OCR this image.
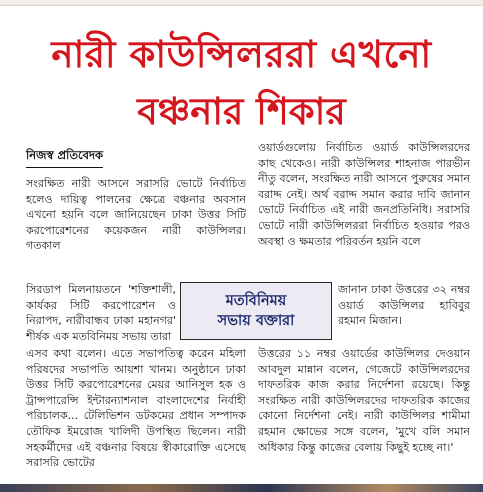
নারী কাউন্সিলররা এখনো
বঞ্চনার শিকার
নিজস্ব প্রতিবেদক

সংরক্ষিত নারী আসনে সরাসরি ভোটে নির্বাচিত হলেও দায়িত্ব পালনের ক্ষেত্রে বঞ্চনার অবসান এখনো হয়নি বলে জানিয়েছেন ঢাকা উত্তর সিটি করপোরেশনের কয়েকজন নারী কাউন্সিলর। গতকাল

সিরডাপ মিলনায়তনে 'শক্তিশালী, কার্যকর সিটি করপোরেশন ও নিরাপদ, নারীবান্ধব ঢাকা মহানগর' শীর্ষক এক মতবিনিময় সভায় তারা
এসব কথা বলেন। এতে সভাপতিত্ব করেন মহিলা পরিষদের সভাপতি আয়শা খানম। অনুষ্ঠানে ঢাকা উত্তর সিটি করপোরেশনের মেয়র আনিসুল হক ও ট্রান্সপারেন্সি ইন্টারন্যাশনাল বাংলাদেশের নির্বাহী পরিচালক... টেলিভিশন ডটকমের প্রধান সম্পাদক তৌফিক ইমরোজ খালিদী উপস্থিত ছিলেন। নারী সহকর্মীদের এই বঞ্চনার বিষয়ে স্বীকারোক্তি এসেছে সরাসরি ভোটের

ওয়ার্ডগুলোয় নির্বাচিত ওয়ার্ড কাউন্সিলরদের কাছ থেকেও। নারী কাউন্সিলর শাহনাজ পারভীন নীতু বলেন, সংরক্ষিত নারী আসনে পুরুষের সমান বরাদ্দ নেই। অর্থ বরাদ্দ সমান করার দাবি জানান ভোটে নির্বাচিত এই নারী জনপ্রতিনিধি। সরাসরি ভোটে নারী কাউন্সিলররা নির্বাচিত হওয়ার পরও অবস্থা ও ক্ষমতার পরিবর্তন হয়নি বলে

জানান ঢাকা উত্তরের ৩২ নম্বর ওয়ার্ড কাউন্সিলর হাবিবুর রহমান মিজান।
উত্তরের ১১ নম্বর ওয়ার্ডের কাউন্সিলর দেওয়ান আবদুল মান্নান বলেন, গেজেটে কাউন্সিলরদের দাফতরিক কাজ করার নির্দেশনা রয়েছে। কিন্তু সংরক্ষিত নারী কাউন্সিলরদের দাফতরিক কাজের কোনো নির্দেশনা নেই। নারী কাউন্সিলর শামীমা রহমান ক্ষোভের সঙ্গে বলেন, 'মুখে বলি সমান অধিকার কিন্তু কাজের বেলায় কিছুই হচ্ছে না।'
মতবিনিময়
সভায় বক্তারা
